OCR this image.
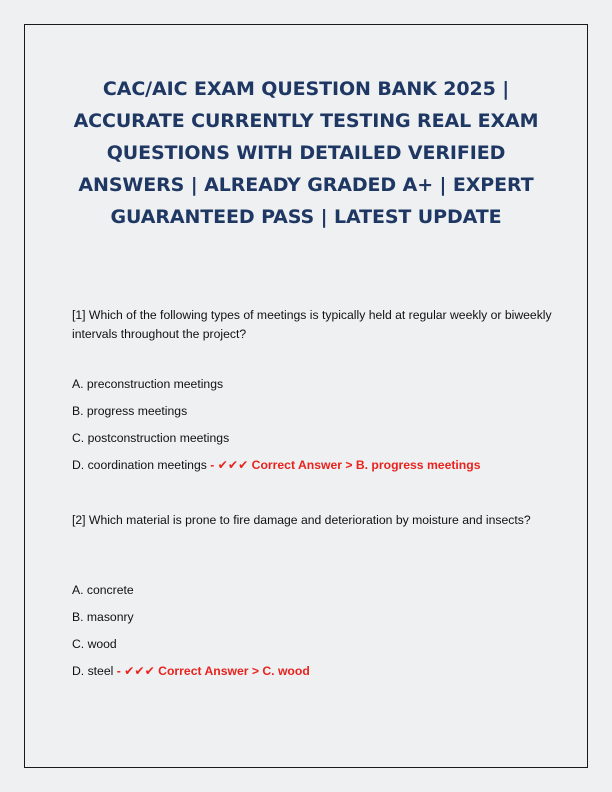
CAC/AIC EXAM QUESTION BANK 2025 | ACCURATE CURRENTLY TESTING REAL EXAM QUESTIONS WITH DETAILED VERIFIED ANSWERS | ALREADY GRADED A+ | EXPERT GUARANTEED PASS | LATEST UPDATE

[1] Which of the following types of meetings is typically held at regular weekly or biweekly intervals throughout the project?

A. preconstruction meetings
B. progress meetings
C. postconstruction meetings
D. coordination meetings - ✔✔✔ Correct Answer > B. progress meetings

[2] Which material is prone to fire damage and deterioration by moisture and insects?

A. concrete
B. masonry
C. wood
D. steel - ✔✔✔ Correct Answer > C. wood
